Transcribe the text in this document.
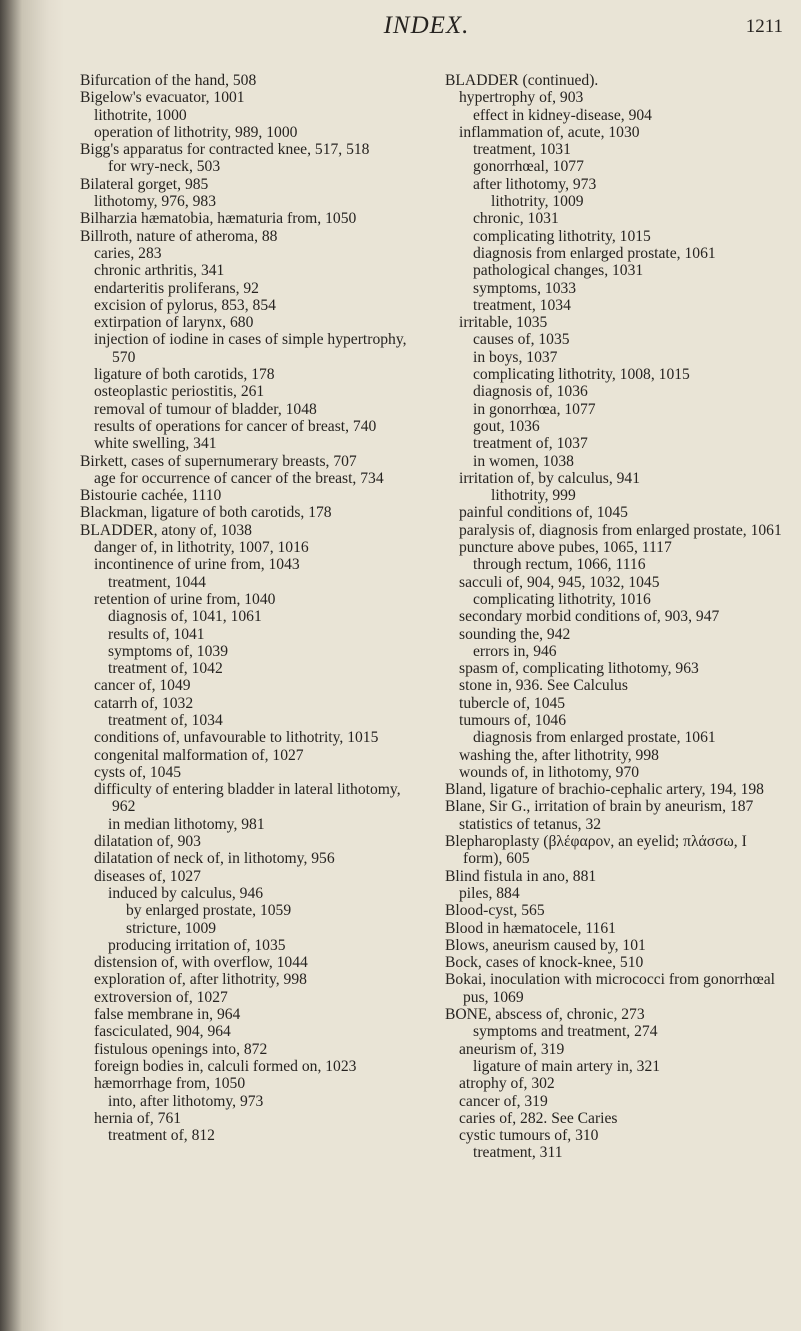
INDEX.	1211

Bifurcation of the hand, 508

Bigelow's evacuator, 1001

lithotrite, 1000

operation of lithotrity, 989, 1000

Bigg's apparatus for contracted knee, 517, 518

for wry-neck, 503

Bilateral gorget, 985

lithotomy, 976, 983

Bilharzia hæmatobia, hæmaturia from, 1050

Billroth, nature of atheroma, 88

caries, 283

chronic arthritis, 341

endarteritis proliferans, 92

excision of pylorus, 853, 854

extirpation of larynx, 680

injection of iodine in cases of simple hypertrophy, 570

ligature of both carotids, 178

osteoplastic periostitis, 261

removal of tumour of bladder, 1048

results of operations for cancer of breast, 740

white swelling, 341

Birkett, cases of supernumerary breasts, 707

age for occurrence of cancer of the breast, 734

Bistourie cachée, 1110

Blackman, ligature of both carotids, 178

BLADDER, atony of, 1038

danger of, in lithotrity, 1007, 1016

incontinence of urine from, 1043

treatment, 1044

retention of urine from, 1040

diagnosis of, 1041, 1061

results of, 1041

symptoms of, 1039

treatment of, 1042

cancer of, 1049

catarrh of, 1032

treatment of, 1034

conditions of, unfavourable to lithotrity, 1015

congenital malformation of, 1027

cysts of, 1045

difficulty of entering bladder in lateral lithotomy, 962

in median lithotomy, 981

dilatation of, 903

dilatation of neck of, in lithotomy, 956

diseases of, 1027

induced by calculus, 946

by enlarged prostate, 1059

stricture, 1009

producing irritation of, 1035

distension of, with overflow, 1044

exploration of, after lithotrity, 998

extroversion of, 1027

false membrane in, 964

fasciculated, 904, 964

fistulous openings into, 872

foreign bodies in, calculi formed on, 1023

hæmorrhage from, 1050

into, after lithotomy, 973

hernia of, 761

treatment of, 812

BLADDER (continued).

hypertrophy of, 903

effect in kidney-disease, 904

inflammation of, acute, 1030

treatment, 1031

gonorrhœal, 1077

after lithotomy, 973

lithotrity, 1009

chronic, 1031

complicating lithotrity, 1015

diagnosis from enlarged prostate, 1061

pathological changes, 1031

symptoms, 1033

treatment, 1034

irritable, 1035

causes of, 1035

in boys, 1037

complicating lithotrity, 1008, 1015

diagnosis of, 1036

in gonorrhœa, 1077

gout, 1036

treatment of, 1037

in women, 1038

irritation of, by calculus, 941

lithotrity, 999

painful conditions of, 1045

paralysis of, diagnosis from enlarged prostate, 1061

puncture above pubes, 1065, 1117

through rectum, 1066, 1116

sacculi of, 904, 945, 1032, 1045

complicating lithotrity, 1016

secondary morbid conditions of, 903, 947

sounding the, 942

errors in, 946

spasm of, complicating lithotomy, 963

stone in, 936. See Calculus

tubercle of, 1045

tumours of, 1046

diagnosis from enlarged prostate, 1061

washing the, after lithotrity, 998

wounds of, in lithotomy, 970

Bland, ligature of brachio-cephalic artery, 194, 198

Blane, Sir G., irritation of brain by aneurism, 187

statistics of tetanus, 32

Blepharoplasty (βλέφαρον, an eyelid; πλάσσω, I form), 605

Blind fistula in ano, 881

piles, 884

Blood-cyst, 565

Blood in hæmatocele, 1161

Blows, aneurism caused by, 101

Bock, cases of knock-knee, 510

Bokai, inoculation with micrococci from gonorrhœal pus, 1069

BONE, abscess of, chronic, 273

symptoms and treatment, 274

aneurism of, 319

ligature of main artery in, 321

atrophy of, 302

cancer of, 319

caries of, 282. See Caries

cystic tumours of, 310

treatment, 311
